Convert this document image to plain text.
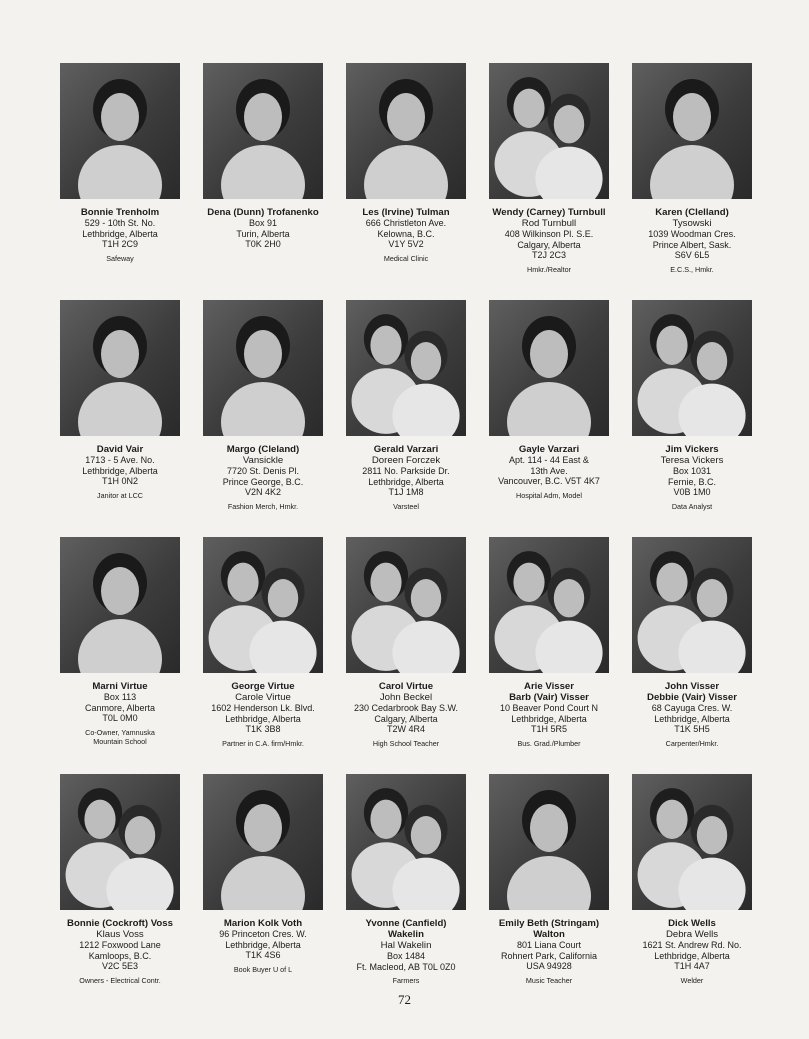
Bonnie Trenholm
529 - 10th St. No.
Lethbridge, Alberta
T1H 2C9
Safeway
Dena (Dunn) Trofanenko
Box 91
Turin, Alberta
T0K 2H0
Les (Irvine) Tulman
666 Christleton Ave.
Kelowna, B.C.
V1Y 5V2
Medical Clinic
Wendy (Carney) Turnbull
Rod Turnbull
408 Wilkinson Pl. S.E.
Calgary, Alberta
T2J 2C3
Hmkr./Realtor
Karen (Clelland)
Tysowski
1039 Woodman Cres.
Prince Albert, Sask.
S6V 6L5
E.C.S., Hmkr.
David Vair
1713 - 5 Ave. No.
Lethbridge, Alberta
T1H 0N2
Janitor at LCC
Margo (Cleland)
Vansickle
7720 St. Denis Pl.
Prince George, B.C.
V2N 4K2
Fashion Merch, Hmkr.
Gerald Varzari
Doreen Forczek
2811 No. Parkside Dr.
Lethbridge, Alberta
T1J 1M8
Varsteel
Gayle Varzari
Apt. 114 - 44 East &
13th Ave.
Vancouver, B.C. V5T 4K7
Hospital Adm, Model
Jim Vickers
Teresa Vickers
Box 1031
Fernie, B.C.
V0B 1M0
Data Analyst
Marni Virtue
Box 113
Canmore, Alberta
T0L 0M0
Co-Owner, Yamnuska
Mountain School
George Virtue
Carole Virtue
1602 Henderson Lk. Blvd.
Lethbridge, Alberta
T1K 3B8
Partner in C.A. firm/Hmkr.
Carol Virtue
John Beckel
230 Cedarbrook Bay S.W.
Calgary, Alberta
T2W 4R4
High School Teacher
Arie Visser
Barb (Vair) Visser
10 Beaver Pond Court N
Lethbridge, Alberta
T1H 5R5
Bus. Grad./Plumber
John Visser
Debbie (Vair) Visser
68 Cayuga Cres. W.
Lethbridge, Alberta
T1K 5H5
Carpenter/Hmkr.
Bonnie (Cockroft) Voss
Klaus Voss
1212 Foxwood Lane
Kamloops, B.C.
V2C 5E3
Owners - Electrical Contr.
Marion Kolk Voth
96 Princeton Cres. W.
Lethbridge, Alberta
T1K 4S6
Book Buyer U of L
Yvonne (Canfield)
Wakelin
Hal Wakelin
Box 1484
Ft. Macleod, AB T0L 0Z0
Farmers
Emily Beth (Stringam)
Walton
801 Liana Court
Rohnert Park, California
USA 94928
Music Teacher
Dick Wells
Debra Wells
1621 St. Andrew Rd. No.
Lethbridge, Alberta
T1H 4A7
Welder
72
